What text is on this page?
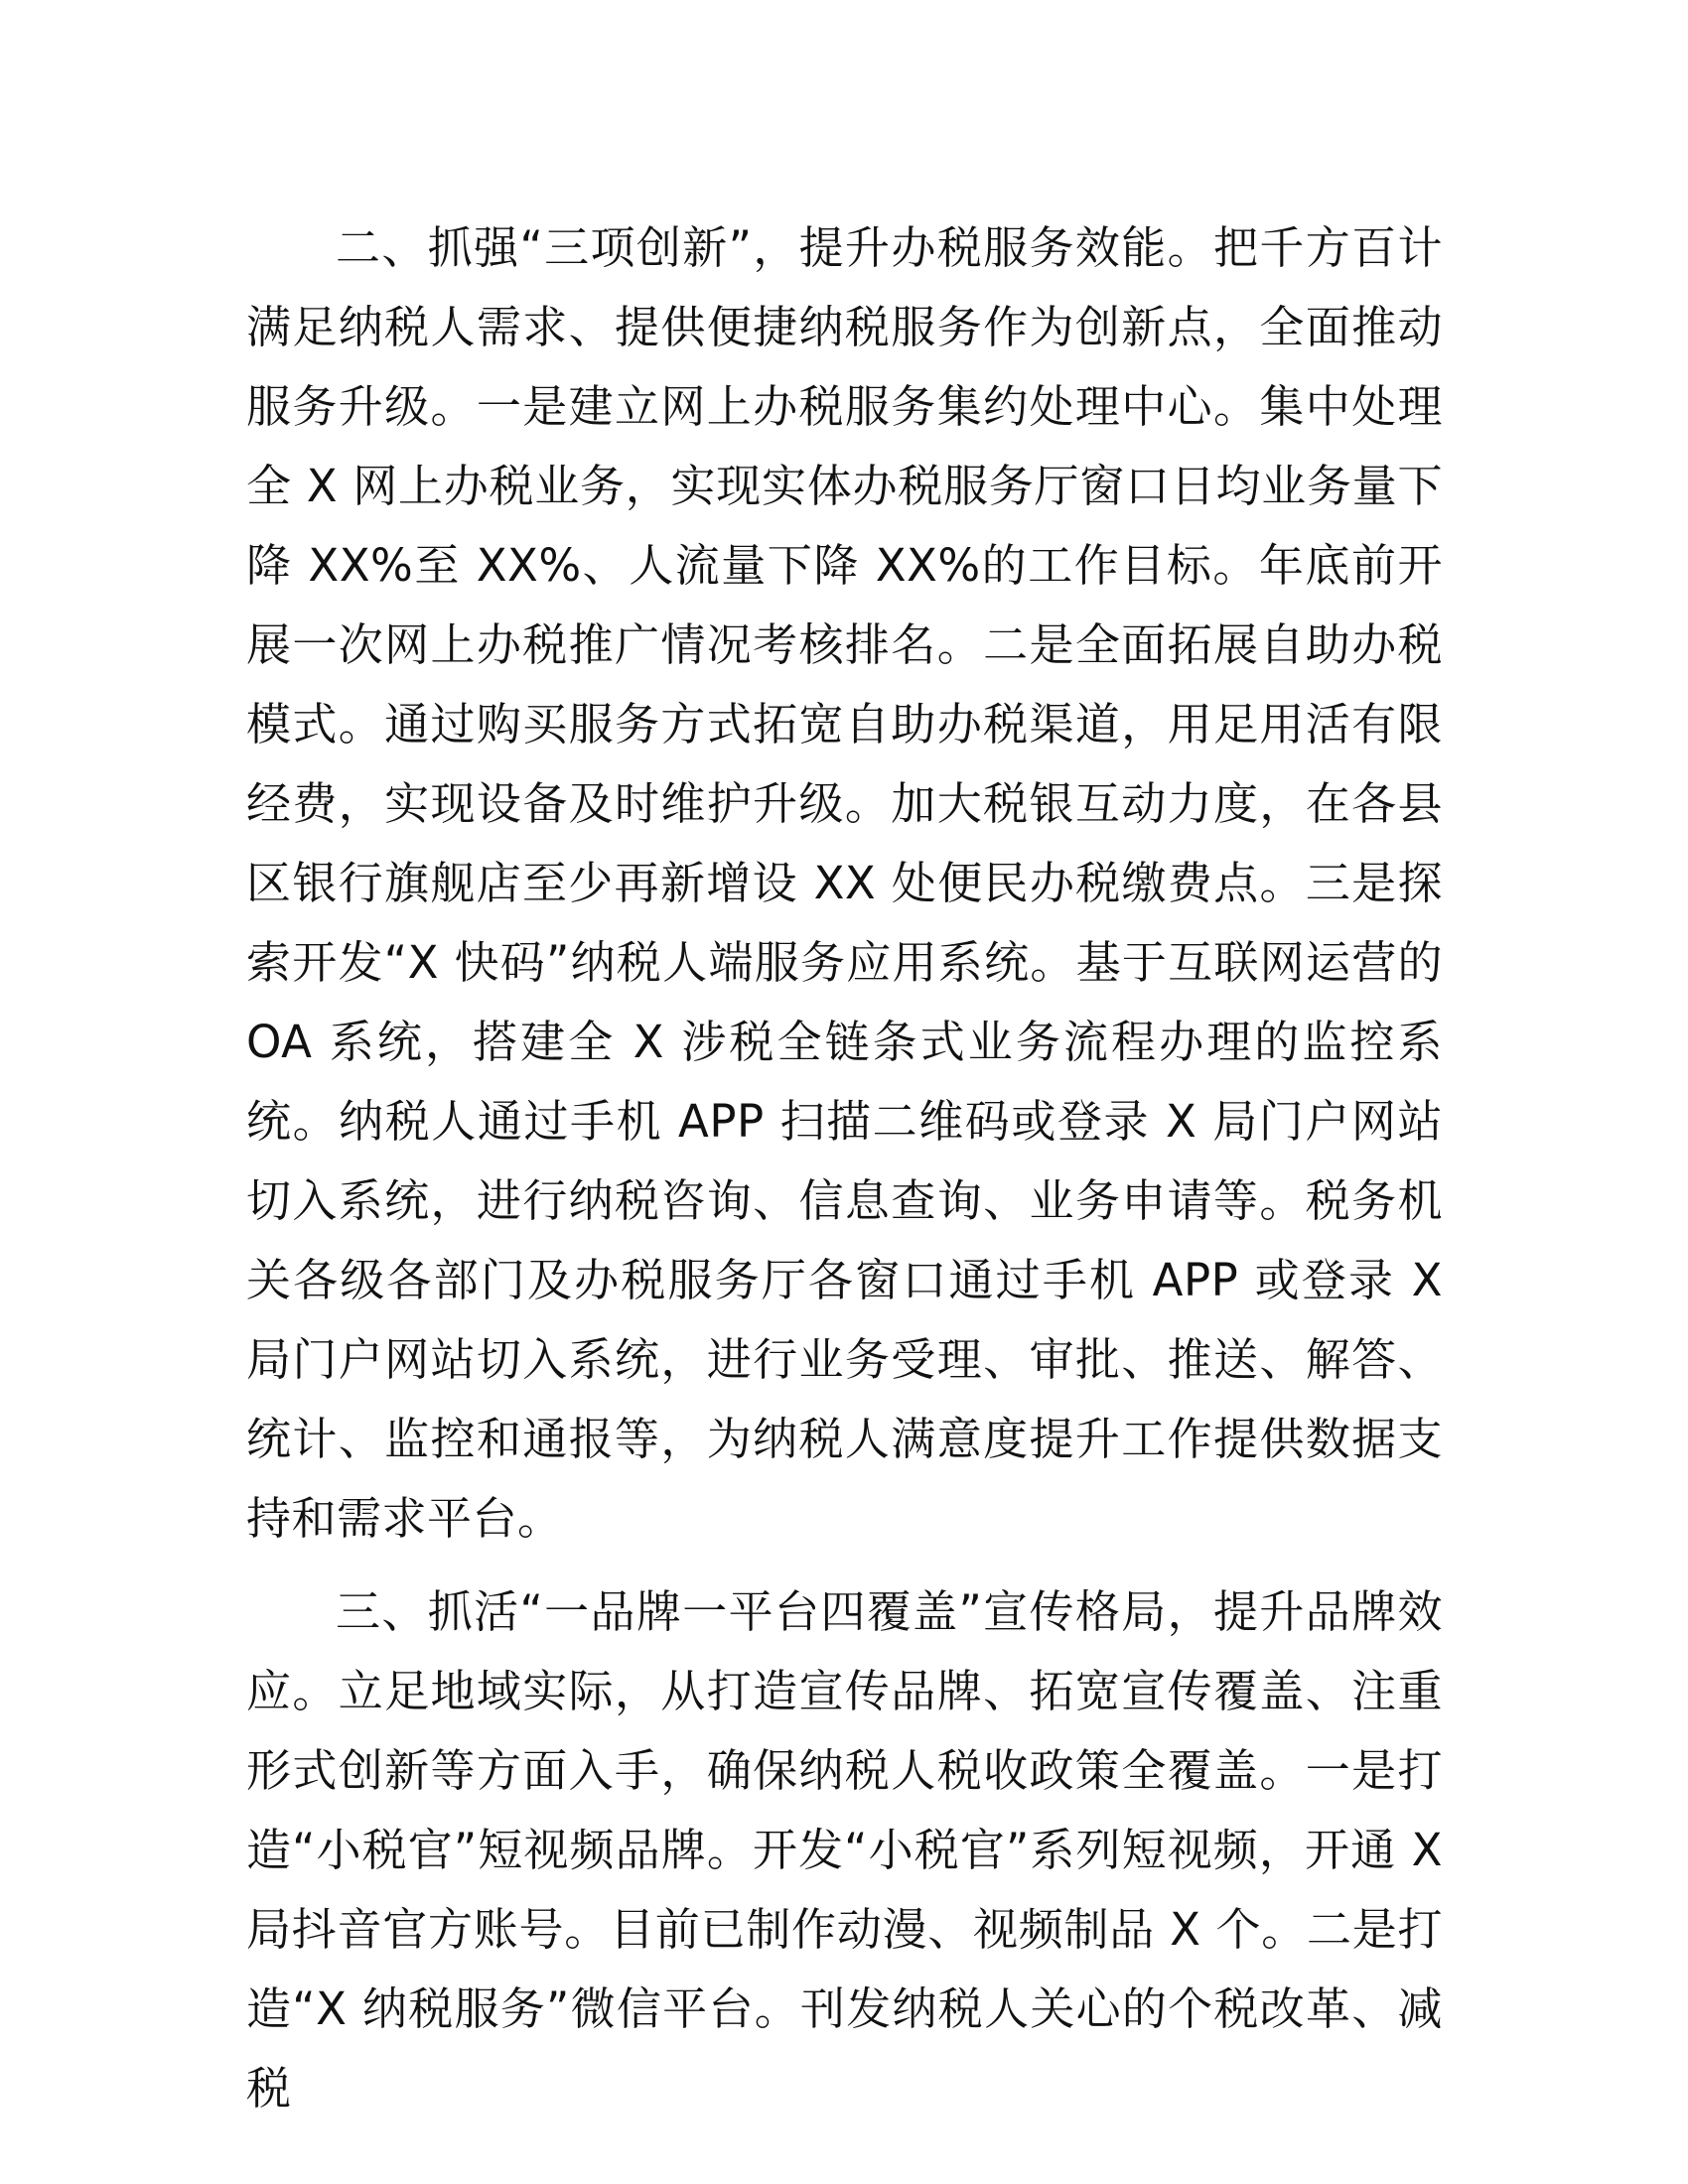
二、抓强“三项创新”，提升办税服务效能。把千方百计满足纳税人需求、提供便捷纳税服务作为创新点，全面推动服务升级。一是建立网上办税服务集约处理中心。集中处理全 X 网上办税业务，实现实体办税服务厅窗口日均业务量下降 XX%至 XX%、人流量下降 XX%的工作目标。年底前开展一次网上办税推广情况考核排名。二是全面拓展自助办税模式。通过购买服务方式拓宽自助办税渠道，用足用活有限经费，实现设备及时维护升级。加大税银互动力度，在各县区银行旗舰店至少再新增设 XX 处便民办税缴费点。三是探索开发“X 快码”纳税人端服务应用系统。基于互联网运营的 OA 系统，搭建全 X 涉税全链条式业务流程办理的监控系统。纳税人通过手机 APP 扫描二维码或登录 X 局门户网站切入系统，进行纳税咨询、信息查询、业务申请等。税务机关各级各部门及办税服务厅各窗口通过手机 APP 或登录 X 局门户网站切入系统，进行业务受理、审批、推送、解答、统计、监控和通报等，为纳税人满意度提升工作提供数据支持和需求平台。

三、抓活“一品牌一平台四覆盖”宣传格局，提升品牌效应。立足地域实际，从打造宣传品牌、拓宽宣传覆盖、注重形式创新等方面入手，确保纳税人税收政策全覆盖。一是打造“小税官”短视频品牌。开发“小税官”系列短视频，开通 X 局抖音官方账号。目前已制作动漫、视频制品 X 个。二是打造“X 纳税服务”微信平台。刊发纳税人关心的个税改革、减税
